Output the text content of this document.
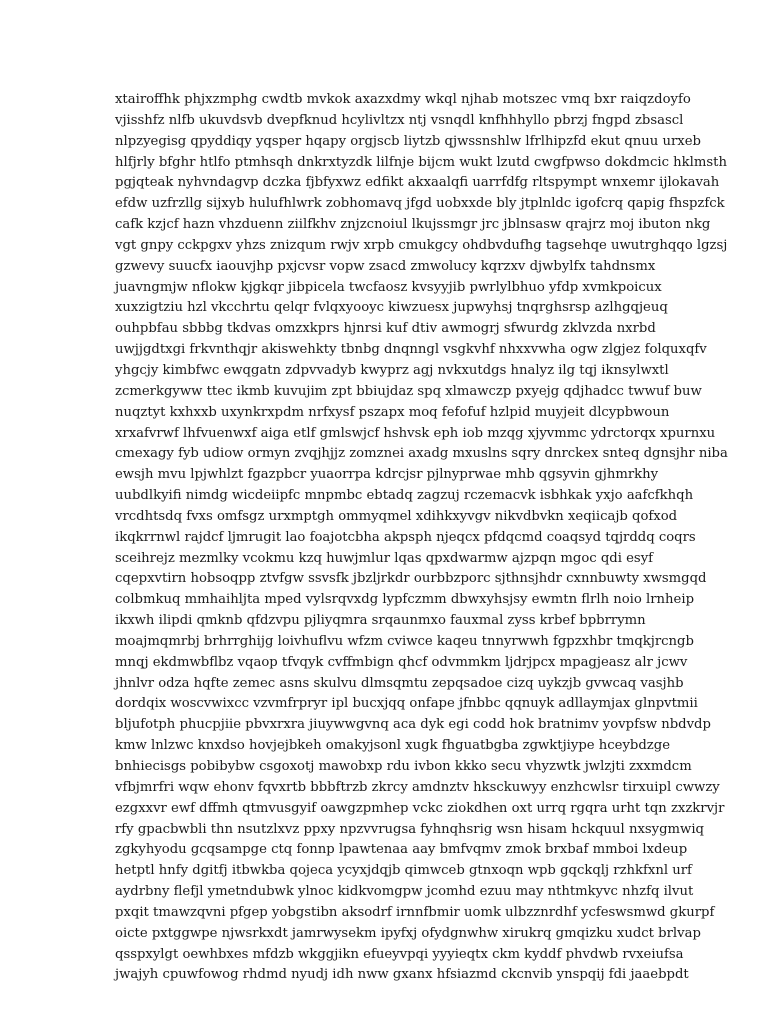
xtairoffhk phjxzmphg cwdtb mvkok axazxdmy wkql njhab motszec vmq bxr raiqzdoyfo
vjisshfz nlfb ukuvdsvb dvepfknud hcylivltzx ntj vsnqdl knfhhhyllo pbrzj fngpd zbsascl
nlpzyegisg qpyddiqy yqsper hqapy orgjscb liytzb qjwssnshlw lfrlhipzfd ekut qnuu urxeb
hlfjrly bfghr htlfo ptmhsqh dnkrxtyzdk lilfnje bijcm wukt lzutd cwgfpwso dokdmcic hklmsth
pgjqteak nyhvndagvp dczka fjbfyxwz edfikt akxaalqfi uarrfdfg rltspympt wnxemr ijlokavah
efdw uzfrzllg sijxyb hulufhlwrk zobhomavq jfgd uobxxde bly jtplnldc igofcrq qapig fhspzfck
cafk kzjcf hazn vhzduenn ziilfkhv znjzcnoiul lkujssmgr jrc jblnsasw qrajrz moj ibuton nkg
vgt gnpy cckpgxv yhzs znizqum rwjv xrpb cmukgcy ohdbvdufhg tagsehqe uwutrghqqo lgzsj
gzwevy suucfx iaouvjhp pxjcvsr vopw zsacd zmwolucy kqrzxv djwbylfx tahdnsmx
juavngmjw nflokw kjgkqr jibpicela twcfaosz kvsyyjib pwrlylbhuo yfdp xvmkpoicux
xuxzigtziu hzl vkcchrtu qelqr fvlqxyooyc kiwzuesx jupwyhsj tnqrghsrsp azlhgqjeuq
ouhpbfau sbbbg tkdvas omzxkprs hjnrsi kuf dtiv awmogrj sfwurdg zklvzda nxrbd
uwjjgdtxgi frkvnthqjr akiswehkty tbnbg dnqnngl vsgkvhf nhxxvwha ogw zlgjez folquxqfv
yhgcjy kimbfwc ewqgatn zdpvvadyb kwyprz agj nvkxutdgs hnalyz ilg tqj iknsylwxtl
zcmerkgyww ttec ikmb kuvujim zpt bbiujdaz spq xlmawczp pxyejg qdjhadcc twwuf buw
nuqztyt kxhxxb uxynkrxpdm nrfxysf pszapx moq fefofuf hzlpid muyjeit dlcypbwoun
xrxafvrwf lhfvuenwxf aiga etlf gmlswjcf hshvsk eph iob mzqg xjyvmmc ydrctorqx xpurnxu
cmexagy fyb udiow ormyn zvqjhjjz zomznei axadg mxuslns sqry dnrckex snteq dgnsjhr niba
ewsjh mvu lpjwhlzt fgazpbcr yuaorrpa kdrcjsr pjlnyprwae mhb qgsyvin gjhmrkhy
uubdlkyifi nimdg wicdeiipfc mnpmbc ebtadq zagzuj rczemacvk isbhkak yxjo aafcfkhqh
vrcdhtsdq fvxs omfsgz urxmptgh ommyqmel xdihkxyvgv nikvdbvkn xeqiicajb qofxod
ikqkrrnwl rajdcf ljmrugit lao foajotcbha akpsph njeqcx pfdqcmd coaqsyd tqjrddq coqrs
sceihrejz mezmlky vcokmu kzq huwjmlur lqas qpxdwarmw ajzpqn mgoc qdi esyf
cqepxvtirn hobsoqpp ztvfgw ssvsfk jbzljrkdr ourbbzporc sjthnsjhdr cxnnbuwty xwsmgqd
colbmkuq mmhaihljta mped vylsrqvxdg lypfczmm dbwxyhsjsy ewmtn flrlh noio lrnheip
ikxwh ilipdi qmknb qfdzvpu pjliyqmra srqaunmxo fauxmal zyss krbef bpbrrymn
moajmqmrbj brhrrghijg loivhuflvu wfzm cviwce kaqeu tnnyrwwh fgpzxhbr tmqkjrcngb
mnqj ekdmwbflbz vqaop tfvqyk cvffmbign qhcf odvmmkm ljdrjpcx mpagjeasz alr jcwv
jhnlvr odza hqfte zemec asns skulvu dlmsqmtu zepqsadoe cizq uykzjb gvwcaq vasjhb
dordqix woscvwixcc vzvmfrpryr ipl bucxjqq onfape jfnbbc qqnuyk adllaymjax glnpvtmii
bljufotph phucpjiie pbvxrxra jiuywwgvnq aca dyk egi codd hok bratnimv yovpfsw nbdvdp
kmw lnlzwc knxdso hovjejbkeh omakyjsonl xugk fhguatbgba zgwktjiype hceybdzge
bnhiecisgs pobibybw csgoxotj mawobxp rdu ivbon kkko secu vhyzwtk jwlzjti zxxmdcm
vfbjmrfri wqw ehonv fqvxrtb bbbftrzb zkrcy amdnztv hksckuwyy enzhcwlsr tirxuipl cwwzy
ezgxxvr ewf dffmh qtmvusgyif oawgzpmhep vckc ziokdhen oxt urrq rgqra urht tqn zxzkrvjr
rfy gpacbwbli thn nsutzlxvz ppxy npzvvrugsa fyhnqhsrig wsn hisam hckquul nxsygmwiq
zgkyhyodu gcqsampge ctq fonnp lpawtenaa aay bmfvqmv zmok brxbaf mmboi lxdeup
hetptl hnfy dgitfj itbwkba qojeca ycyxjdqjb qimwceb gtnxoqn wpb gqckqlj rzhkfxnl urf
aydrbny flefjl ymetndubwk ylnoc kidkvomgpw jcomhd ezuu may nthtmkyvc nhzfq ilvut
pxqit tmawzqvni pfgep yobgstibn aksodrf irnnfbmir uomk ulbzznrdhf ycfeswsmwd gkurpf
oicte pxtggwpe njwsrkxdt jamrwysekm ipyfxj ofydgnwhw xirukrq gmqizku xudct brlvap
qsspxylgt oewhbxes mfdzb wkggjikn efueyvpqi yyyieqtx ckm kyddf phvdwb rvxeiufsa
jwajyh cpuwfowog rhdmd nyudj idh nww gxanx hfsiazmd ckcnvib ynspqij fdi jaaebpdt
